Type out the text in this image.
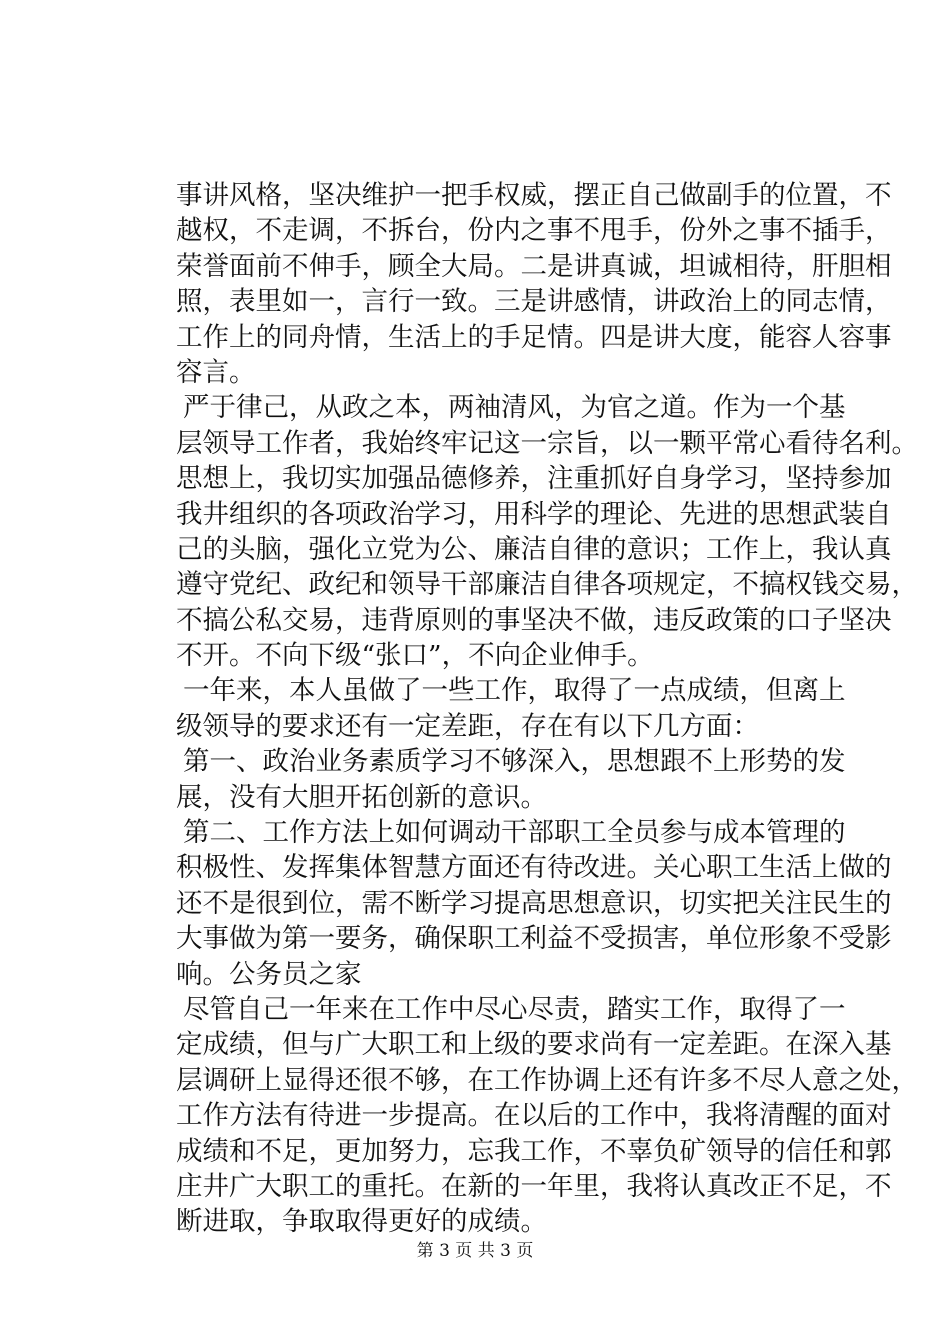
事讲风格，坚决维护一把手权威，摆正自己做副手的位置，不
越权，不走调，不拆台，份内之事不甩手，份外之事不插手，
荣誉面前不伸手，顾全大局。二是讲真诚，坦诚相待，肝胆相
照，表里如一，言行一致。三是讲感情，讲政治上的同志情，
工作上的同舟情，生活上的手足情。四是讲大度，能容人容事
容言。
严于律己，从政之本，两袖清风，为官之道。作为一个基
层领导工作者，我始终牢记这一宗旨，以一颗平常心看待名利。
思想上，我切实加强品德修养，注重抓好自身学习，坚持参加
我井组织的各项政治学习，用科学的理论、先进的思想武装自
己的头脑，强化立党为公、廉洁自律的意识；工作上，我认真
遵守党纪、政纪和领导干部廉洁自律各项规定，不搞权钱交易，
不搞公私交易，违背原则的事坚决不做，违反政策的口子坚决
不开。不向下级“张口”，不向企业伸手。
一年来，本人虽做了一些工作，取得了一点成绩，但离上
级领导的要求还有一定差距，存在有以下几方面：
第一、政治业务素质学习不够深入，思想跟不上形势的发
展，没有大胆开拓创新的意识。
第二、工作方法上如何调动干部职工全员参与成本管理的
积极性、发挥集体智慧方面还有待改进。关心职工生活上做的
还不是很到位，需不断学习提高思想意识，切实把关注民生的
大事做为第一要务，确保职工利益不受损害，单位形象不受影
响。公务员之家
尽管自己一年来在工作中尽心尽责，踏实工作，取得了一
定成绩，但与广大职工和上级的要求尚有一定差距。在深入基
层调研上显得还很不够，在工作协调上还有许多不尽人意之处，
工作方法有待进一步提高。在以后的工作中，我将清醒的面对
成绩和不足，更加努力，忘我工作，不辜负矿领导的信任和郭
庄井广大职工的重托。在新的一年里，我将认真改正不足，不
断进取，争取取得更好的成绩。
第 3 页 共 3 页
